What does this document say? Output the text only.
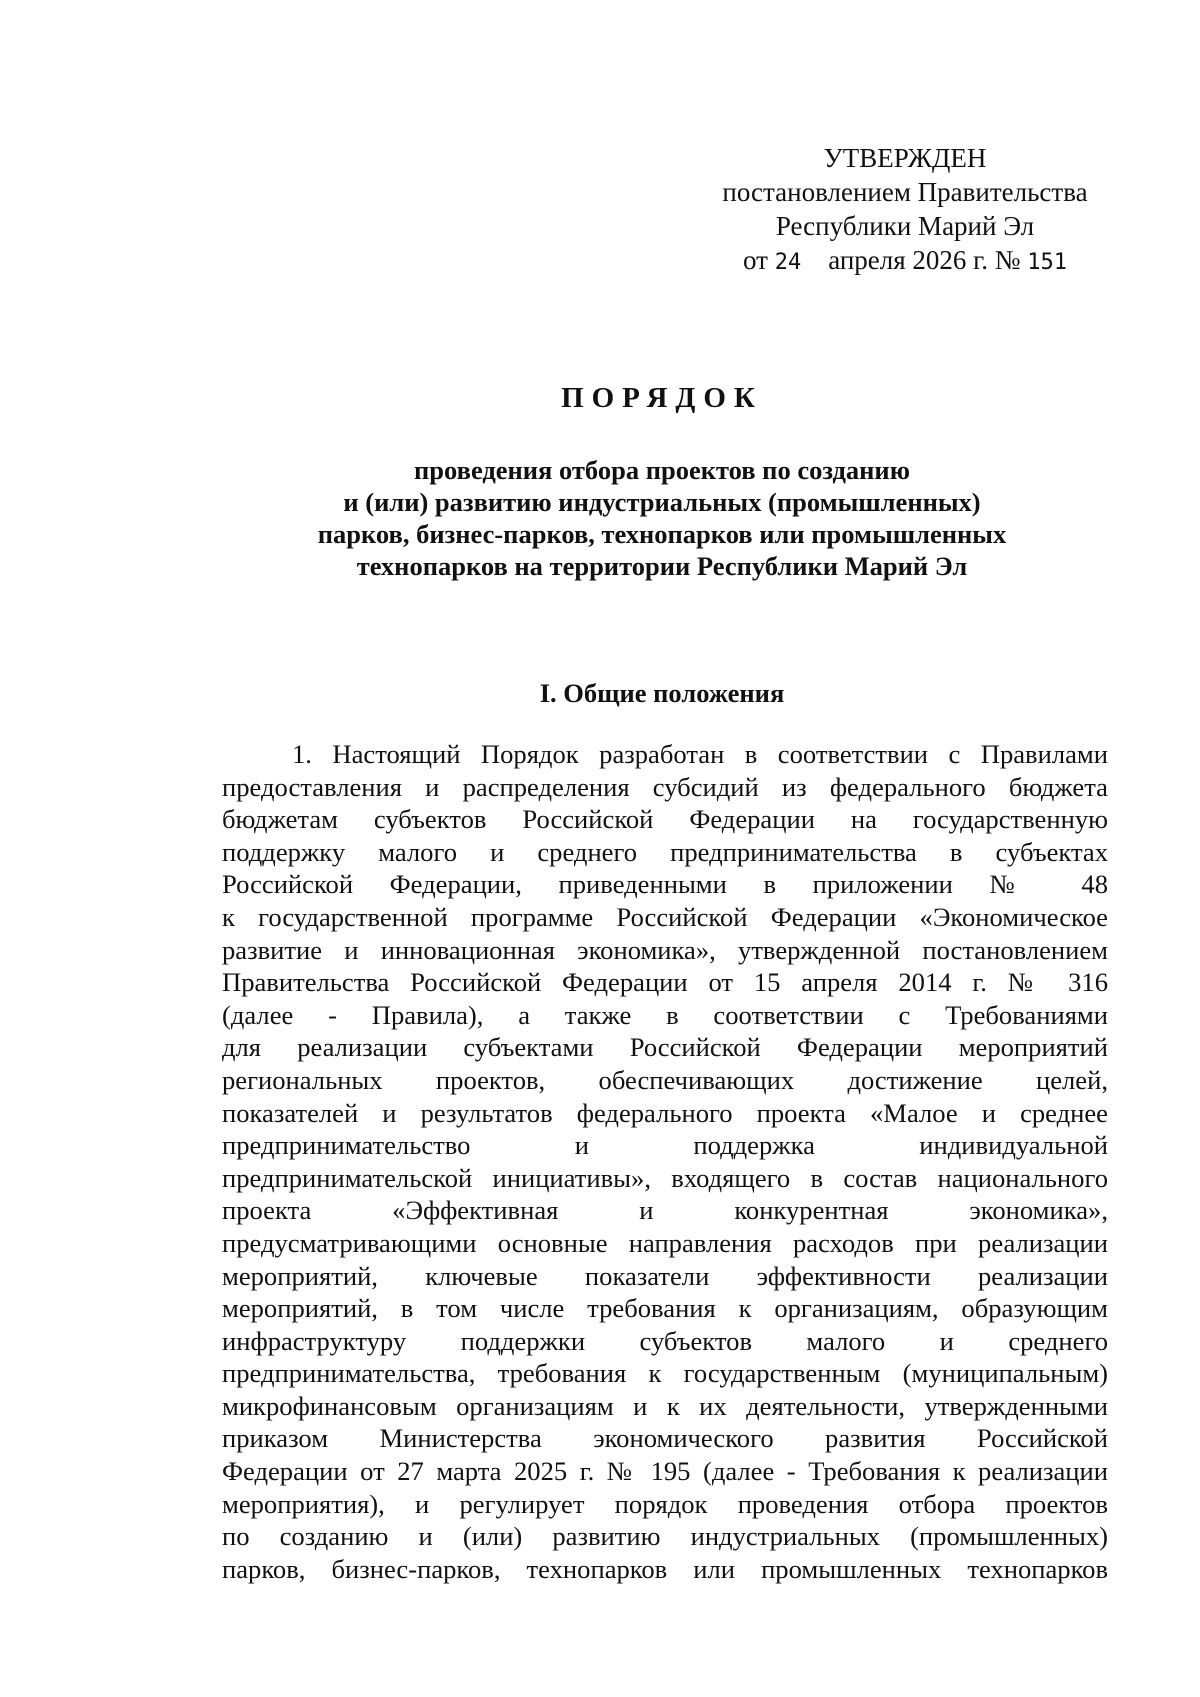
УТВЕРЖДЕН
постановлением Правительства
Республики Марий Эл
от 24 апреля 2026 г. № 151
ПОРЯДОК
проведения отбора проектов по созданию
и (или) развитию индустриальных (промышленных)
парков, бизнес-парков, технопарков или промышленных
технопарков на территории Республики Марий Эл
I. Общие положения
1. Настоящий Порядок разработан в соответствии с Правилами
предоставления и распределения субсидий из федерального бюджета
бюджетам субъектов Российской Федерации на государственную
поддержку малого и среднего предпринимательства в субъектах
Российской Федерации, приведенными в приложении № 48
к государственной программе Российской Федерации «Экономическое
развитие и инновационная экономика», утвержденной постановлением
Правительства Российской Федерации от 15 апреля 2014 г. № 316
(далее - Правила), а также в соответствии с Требованиями
для реализации субъектами Российской Федерации мероприятий
региональных проектов, обеспечивающих достижение целей,
показателей и результатов федерального проекта «Малое и среднее
предпринимательство и поддержка индивидуальной
предпринимательской инициативы», входящего в состав национального
проекта «Эффективная и конкурентная экономика»,
предусматривающими основные направления расходов при реализации
мероприятий, ключевые показатели эффективности реализации
мероприятий, в том числе требования к организациям, образующим
инфраструктуру поддержки субъектов малого и среднего
предпринимательства, требования к государственным (муниципальным)
микрофинансовым организациям и к их деятельности, утвержденными
приказом Министерства экономического развития Российской
Федерации от 27 марта 2025 г. № 195 (далее - Требования к реализации
мероприятия), и регулирует порядок проведения отбора проектов
по созданию и (или) развитию индустриальных (промышленных)
парков, бизнес-парков, технопарков или промышленных технопарков
